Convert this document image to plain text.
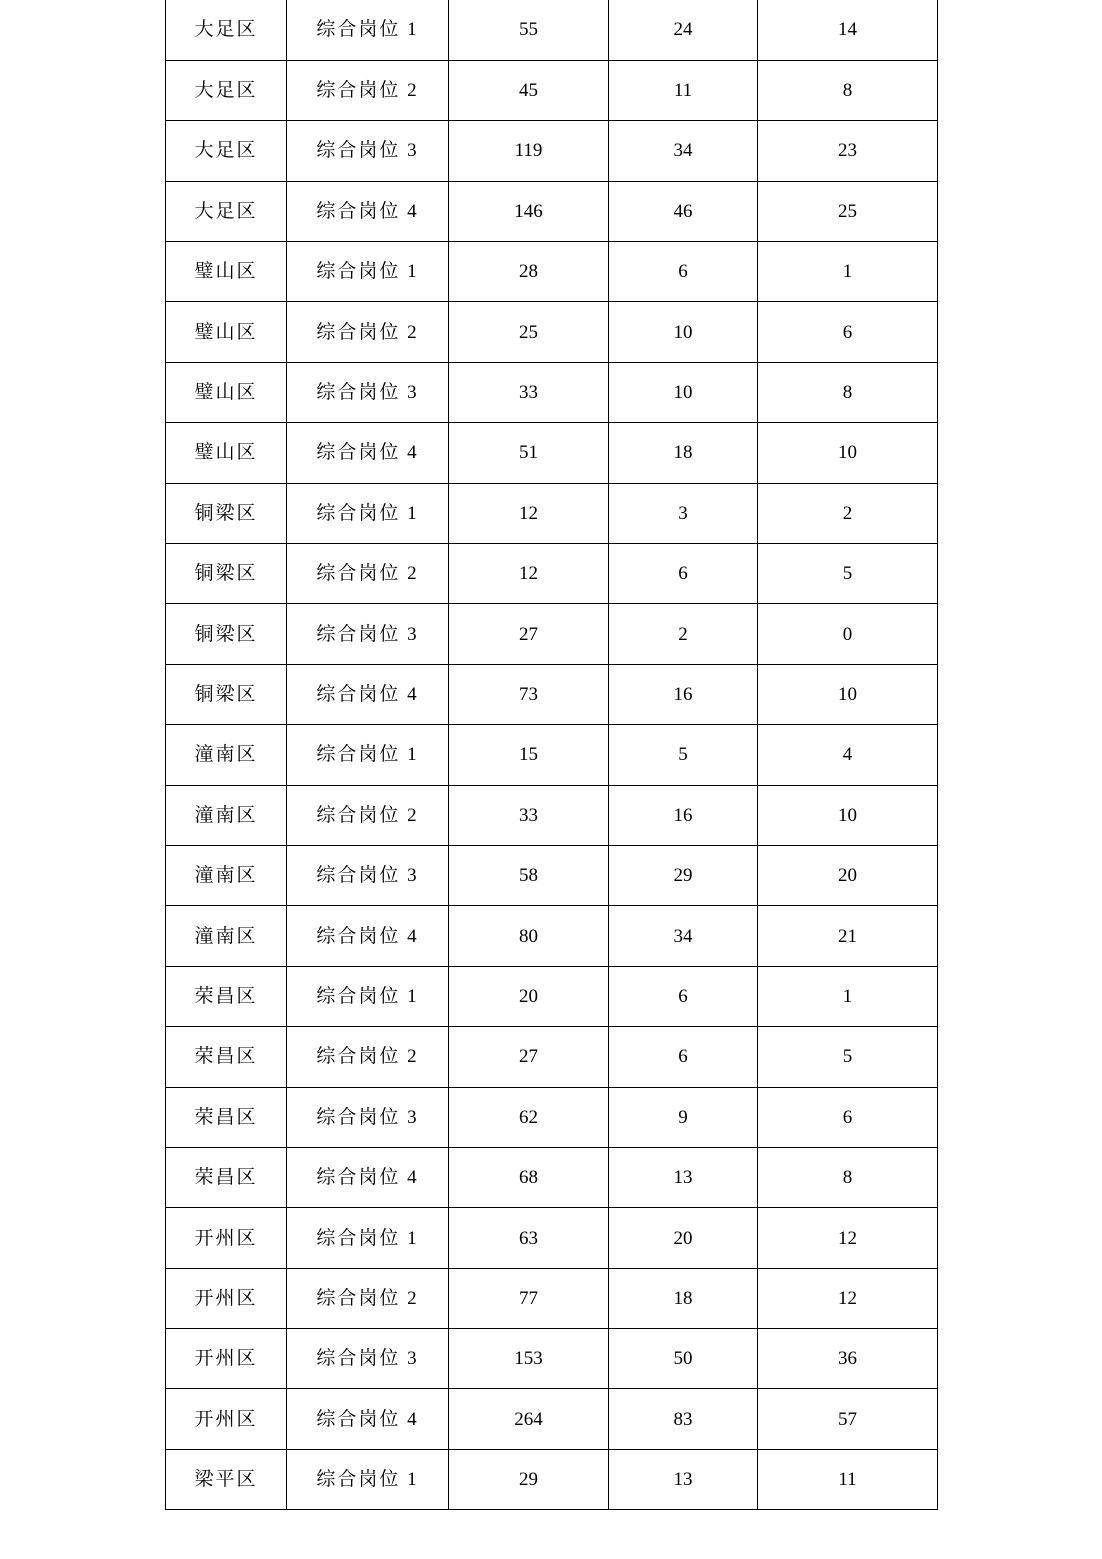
大足区	综合岗位 1	55	24	14
大足区	综合岗位 2	45	11	8
大足区	综合岗位 3	119	34	23
大足区	综合岗位 4	146	46	25
璧山区	综合岗位 1	28	6	1
璧山区	综合岗位 2	25	10	6
璧山区	综合岗位 3	33	10	8
璧山区	综合岗位 4	51	18	10
铜梁区	综合岗位 1	12	3	2
铜梁区	综合岗位 2	12	6	5
铜梁区	综合岗位 3	27	2	0
铜梁区	综合岗位 4	73	16	10
潼南区	综合岗位 1	15	5	4
潼南区	综合岗位 2	33	16	10
潼南区	综合岗位 3	58	29	20
潼南区	综合岗位 4	80	34	21
荣昌区	综合岗位 1	20	6	1
荣昌区	综合岗位 2	27	6	5
荣昌区	综合岗位 3	62	9	6
荣昌区	综合岗位 4	68	13	8
开州区	综合岗位 1	63	20	12
开州区	综合岗位 2	77	18	12
开州区	综合岗位 3	153	50	36
开州区	综合岗位 4	264	83	57
梁平区	综合岗位 1	29	13	11
